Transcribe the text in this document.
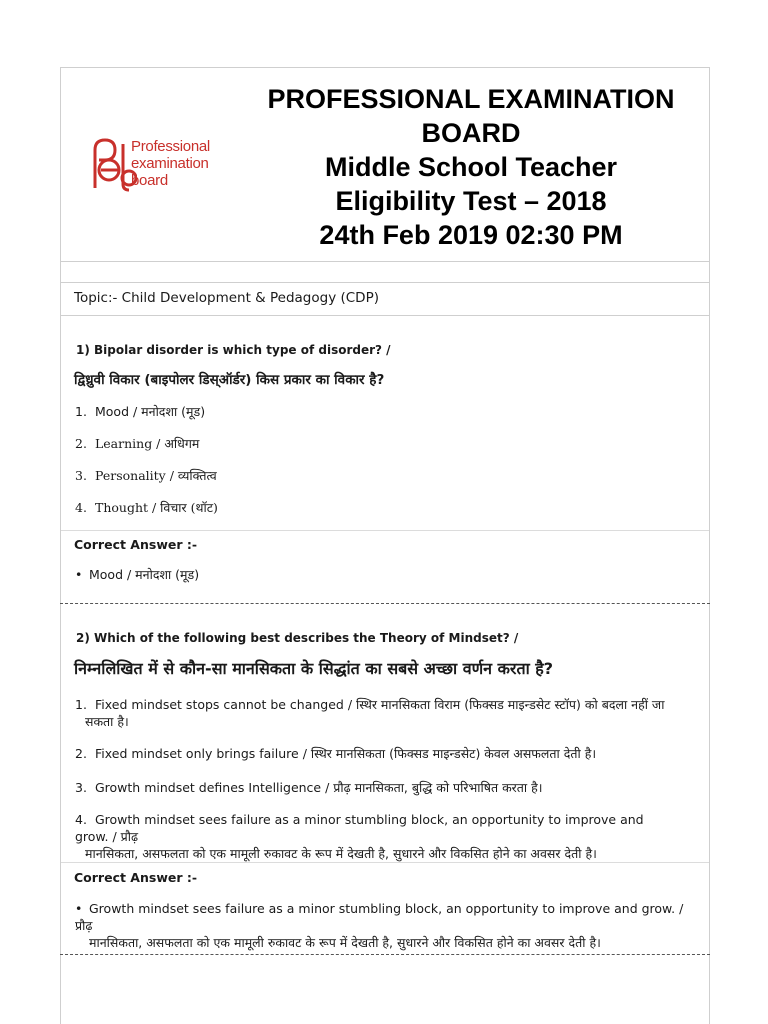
Professional
examination
board
PROFESSIONAL EXAMINATION
BOARD
Middle School Teacher
Eligibility Test – 2018
24th Feb 2019 02:30 PM
Topic:- Child Development & Pedagogy (CDP)
1) Bipolar disorder is which type of disorder? /
द्विध्रुवी विकार (बाइपोलर डिस्ऑर्डर) किस प्रकार का विकार है?
1. Mood / मनोदशा (मूड)
2. Learning / अधिगम
3. Personality / व्यक्तित्व
4. Thought / विचार (थॉट)
Correct Answer :-
• Mood / मनोदशा (मूड)
2) Which of the following best describes the Theory of Mindset? /
निम्नलिखित में से कौन-सा मानसिकता के सिद्धांत का सबसे अच्छा वर्णन करता है?
1. Fixed mindset stops cannot be changed / स्थिर मानसिकता विराम (फिक्सड माइन्डसेट स्टॉप) को बदला नहीं जा
सकता है।
2. Fixed mindset only brings failure / स्थिर मानसिकता (फिक्सड माइन्डसेट) केवल असफलता देती है।
3. Growth mindset defines Intelligence / प्रौढ़ मानसिकता, बुद्धि को परिभाषित करता है।
4. Growth mindset sees failure as a minor stumbling block, an opportunity to improve and grow. / प्रौढ़
मानसिकता, असफलता को एक मामूली रुकावट के रूप में देखती है, सुधारने और विकसित होने का अवसर देती है।
Correct Answer :-
• Growth mindset sees failure as a minor stumbling block, an opportunity to improve and grow. / प्रौढ़
मानसिकता, असफलता को एक मामूली रुकावट के रूप में देखती है, सुधारने और विकसित होने का अवसर देती है।
